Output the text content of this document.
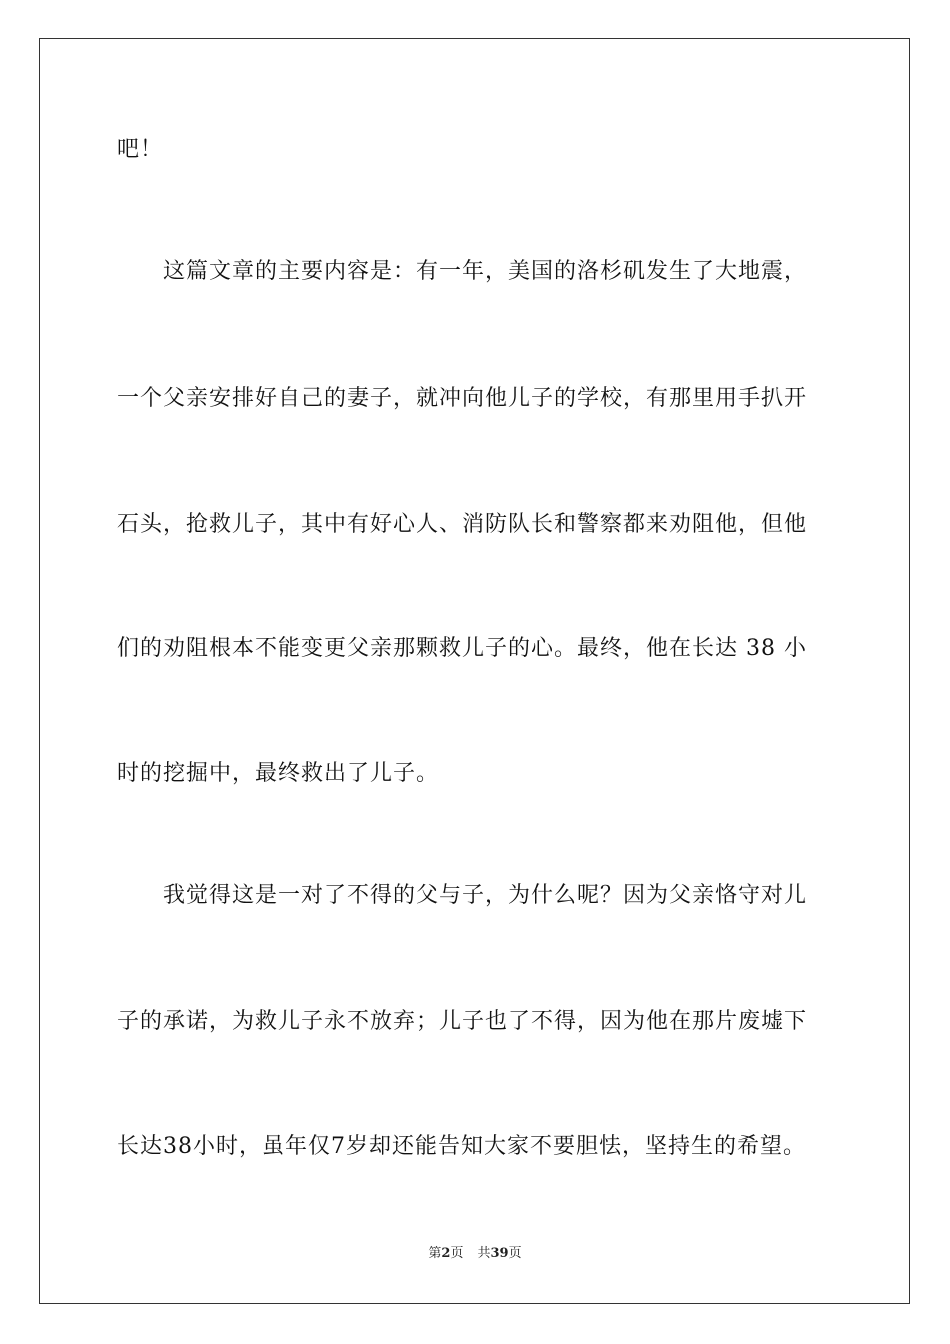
吧！
这篇文章的主要内容是：有一年，美国的洛杉矶发生了大地震，
一个父亲安排好自己的妻子，就冲向他儿子的学校，有那里用手扒开
石头，抢救儿子，其中有好心人、消防队长和警察都来劝阻他，但他
们的劝阻根本不能变更父亲那颗救儿子的心。最终，他在长达 38 小
时的挖掘中，最终救出了儿子。
我觉得这是一对了不得的父与子，为什么呢？因为父亲恪守对儿
子的承诺，为救儿子永不放弃；儿子也了不得，因为他在那片废墟下
长达38小时，虽年仅7岁却还能告知大家不要胆怯，坚持生的希望。
第2页 共39页
